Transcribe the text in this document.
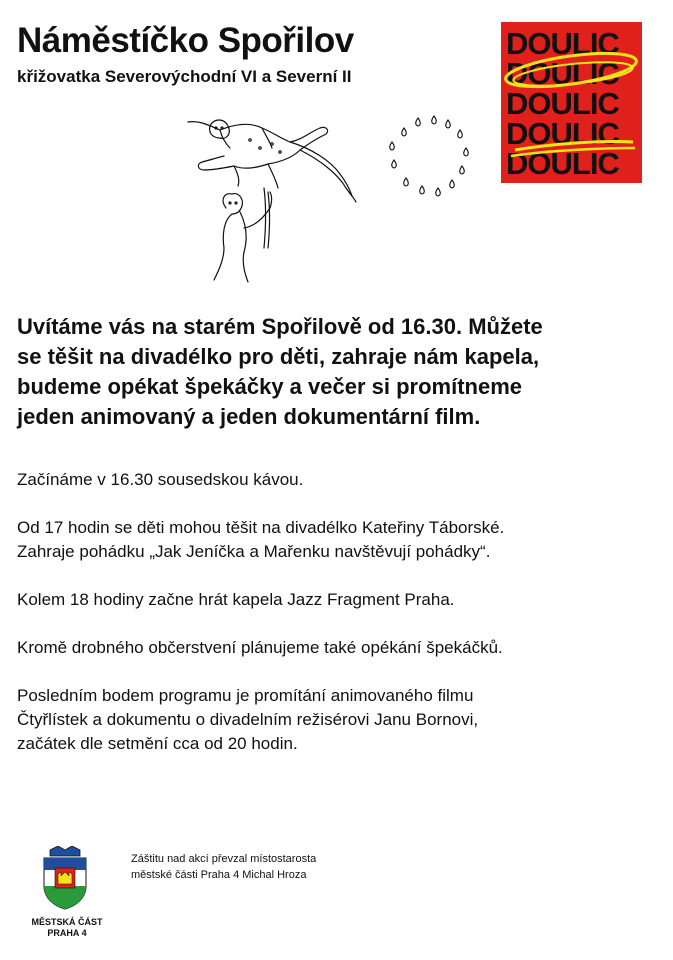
Náměstíčko Spořilov
křižovatka Severovýchodní VI a Severní II
DOULIC
DOULIC
DOULIC
DOULIC
DOULIC

Uvítáme vás na starém Spořilově od 16.30. Můžete

se těšit na divadélko pro děti, zahraje nám kapela,

budeme opékat špekáčky a večer si promítneme

jeden animovaný a jeden dokumentární film.

Začínáme v 16.30 sousedskou kávou.

Od 17 hodin se děti mohou těšit na divadélko Kateřiny Táborské.
Zahraje pohádku „Jak Jeníčka a Mařenku navštěvují pohádky“.

Kolem 18 hodiny začne hrát kapela Jazz Fragment Praha.

Kromě drobného občerstvení plánujeme také opékání špekáčků.

Posledním bodem programu je promítání animovaného filmu
Čtyřlístek a dokumentu o divadelním režisérovi Janu Bornovi,
začátek dle setmění cca od 20 hodin.

MĚSTSKÁ ČÁST
PRAHA 4
Záštitu nad akcí převzal místostarosta
městské části Praha 4 Michal Hroza
